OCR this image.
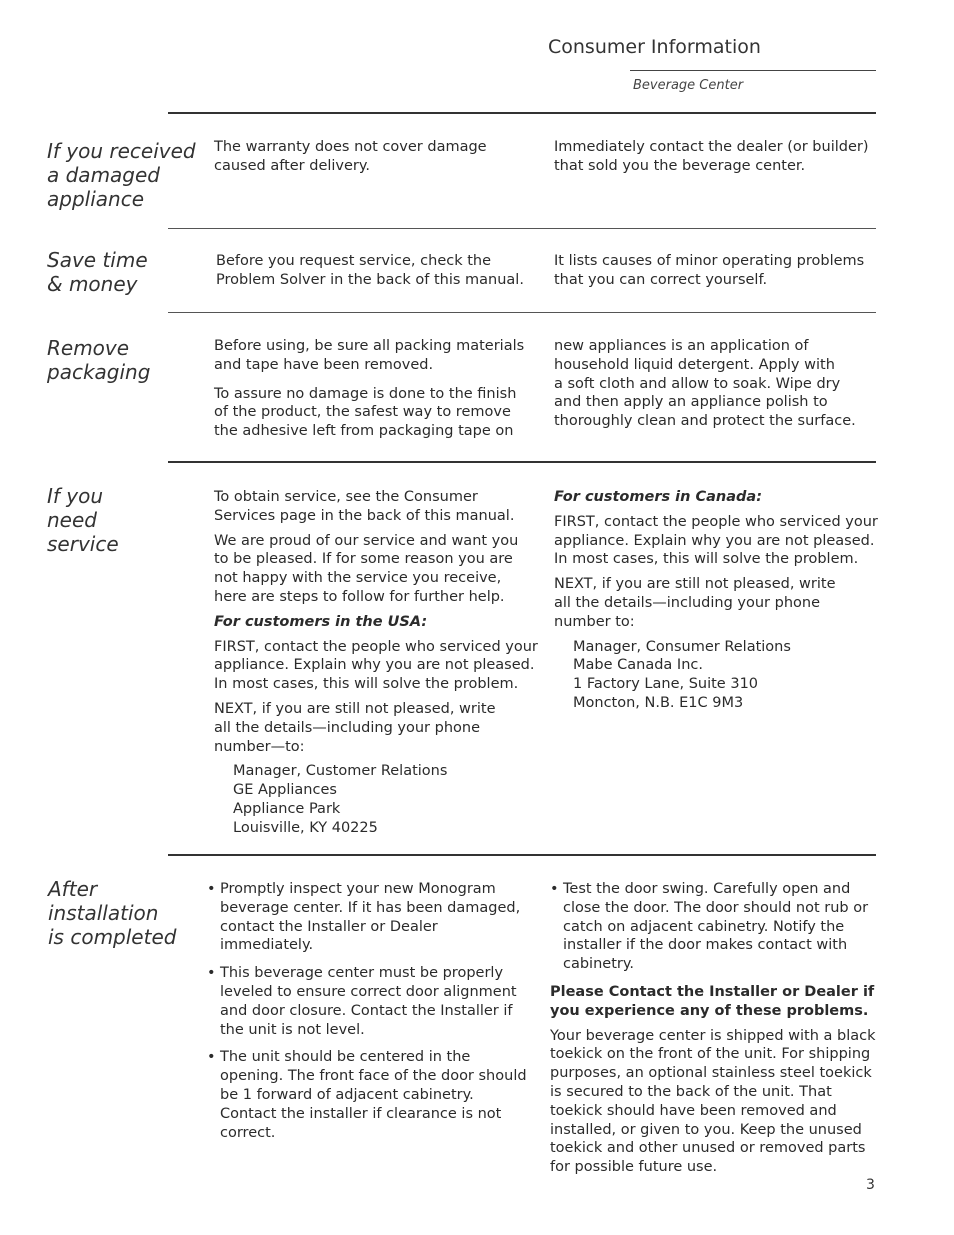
Consumer Information
Beverage Center
If you received
a damaged
appliance
The warranty does not cover damage
caused after delivery.
Immediately contact the dealer (or builder)
that sold you the beverage center.
Save time
& money
Before you request service, check the
Problem Solver in the back of this manual.
It lists causes of minor operating problems
that you can correct yourself.
Remove
packaging

Before using, be sure all packing materials
and tape have been removed.

To assure no damage is done to the finish
of the product, the safest way to remove
the adhesive left from packaging tape on

new appliances is an application of
household liquid detergent. Apply with
a soft cloth and allow to soak. Wipe dry
and then apply an appliance polish to
thoroughly clean and protect the surface.
If you
need
service

To obtain service, see the Consumer
Services page in the back of this manual.

We are proud of our service and want you
to be pleased. If for some reason you are
not happy with the service you receive,
here are steps to follow for further help.

For customers in the USA:

FIRST, contact the people who serviced your
appliance. Explain why you are not pleased.
In most cases, this will solve the problem.

NEXT, if you are still not pleased, write
all the details—including your phone
number—to:

Manager, Customer Relations
GE Appliances
Appliance Park
Louisville, KY 40225

For customers in Canada:

FIRST, contact the people who serviced your
appliance. Explain why you are not pleased.
In most cases, this will solve the problem.

NEXT, if you are still not pleased, write
all the details—including your phone
number to:

Manager, Consumer Relations
Mabe Canada Inc.
1 Factory Lane, Suite 310
Moncton, N.B. E1C 9M3
After
installation
is completed
• Promptly inspect your new Monogram
beverage center. If it has been damaged,
contact the Installer or Dealer
immediately.
• This beverage center must be properly
leveled to ensure correct door alignment
and door closure. Contact the Installer if
the unit is not level.
• The unit should be centered in the
opening. The front face of the door should
be 1 forward of adjacent cabinetry.
Contact the installer if clearance is not
correct.
• Test the door swing. Carefully open and
close the door. The door should not rub or
catch on adjacent cabinetry. Notify the
installer if the door makes contact with
cabinetry.

Please Contact the Installer or Dealer if
you experience any of these problems.

Your beverage center is shipped with a black
toekick on the front of the unit. For shipping
purposes, an optional stainless steel toekick
is secured to the back of the unit. That
toekick should have been removed and
installed, or given to you. Keep the unused
toekick and other unused or removed parts
for possible future use.

3
